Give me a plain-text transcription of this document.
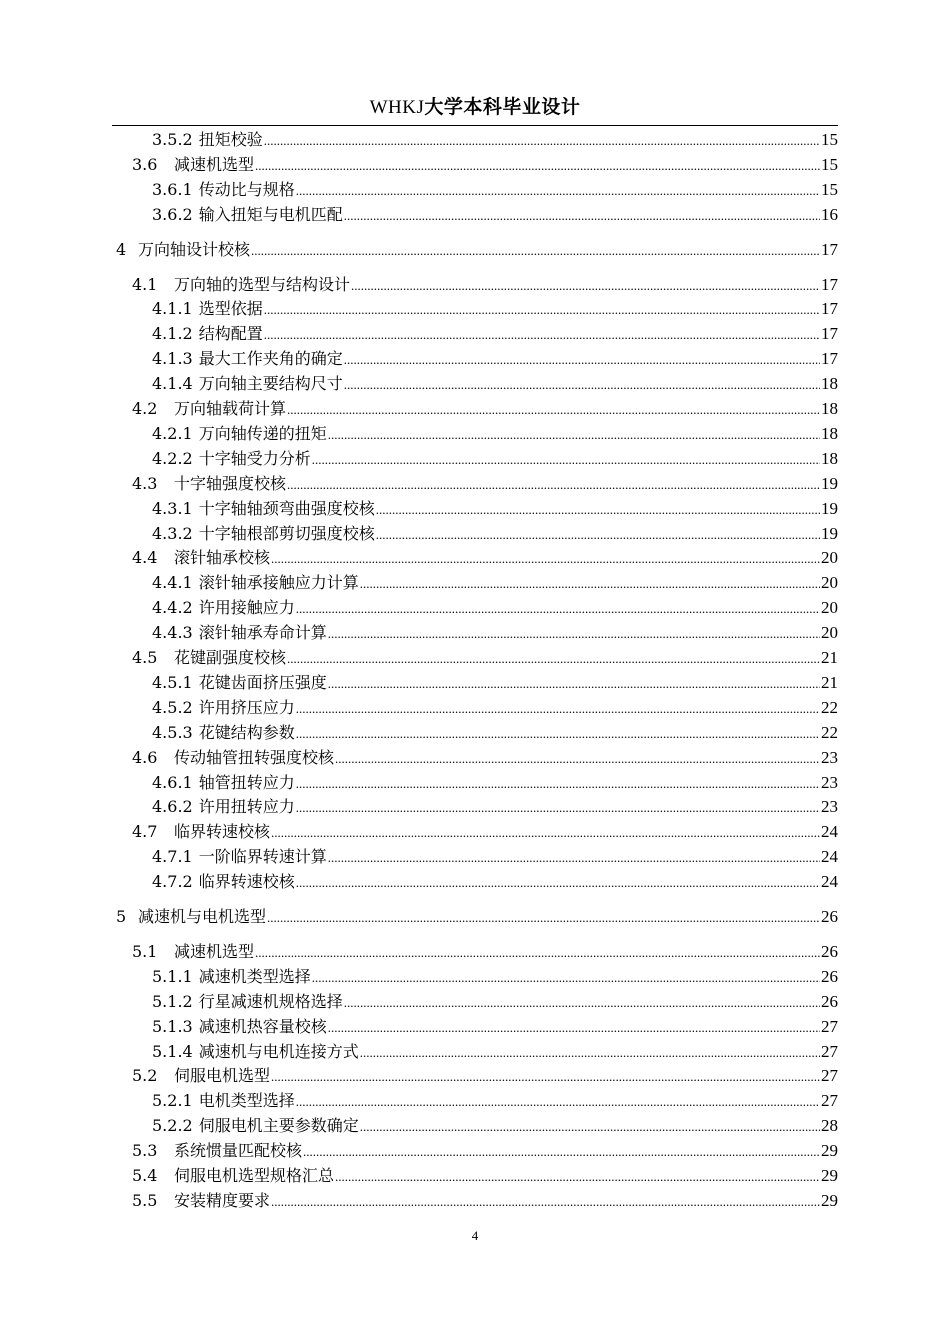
WHKJ大学本科毕业设计
3.5.2 扭矩校验 .....	15
3.6	减速机选型 .....	15
3.6.1 传动比与规格 .....	15
3.6.2 输入扭矩与电机匹配 .....	16
4 万向轴设计校核 .....	17
4.1	万向轴的选型与结构设计 .....	17
4.1.1 选型依据 .....	17
4.1.2 结构配置 .....	17
4.1.3 最大工作夹角的确定 .....	17
4.1.4 万向轴主要结构尺寸 .....	18
4.2	万向轴载荷计算 .....	18
4.2.1 万向轴传递的扭矩 .....	18
4.2.2 十字轴受力分析 .....	18
4.3	十字轴强度校核 .....	19
4.3.1 十字轴轴颈弯曲强度校核 .....	19
4.3.2 十字轴根部剪切强度校核 .....	19
4.4	滚针轴承校核 .....	20
4.4.1 滚针轴承接触应力计算 .....	20
4.4.2 许用接触应力 .....	20
4.4.3 滚针轴承寿命计算 .....	20
4.5	花键副强度校核 .....	21
4.5.1 花键齿面挤压强度 .....	21
4.5.2 许用挤压应力 .....	22
4.5.3 花键结构参数 .....	22
4.6	传动轴管扭转强度校核 .....	23
4.6.1 轴管扭转应力 .....	23
4.6.2 许用扭转应力 .....	23
4.7	临界转速校核 .....	24
4.7.1 一阶临界转速计算 .....	24
4.7.2 临界转速校核 .....	24
5 减速机与电机选型 .....	26
5.1	减速机选型 .....	26
5.1.1 减速机类型选择 .....	26
5.1.2 行星减速机规格选择 .....	26
5.1.3 减速机热容量校核 .....	27
5.1.4 减速机与电机连接方式 .....	27
5.2	伺服电机选型 .....	27
5.2.1 电机类型选择 .....	27
5.2.2 伺服电机主要参数确定 .....	28
5.3	系统惯量匹配校核 .....	29
5.4	伺服电机选型规格汇总 .....	29
5.5	安装精度要求 .....	29
4
